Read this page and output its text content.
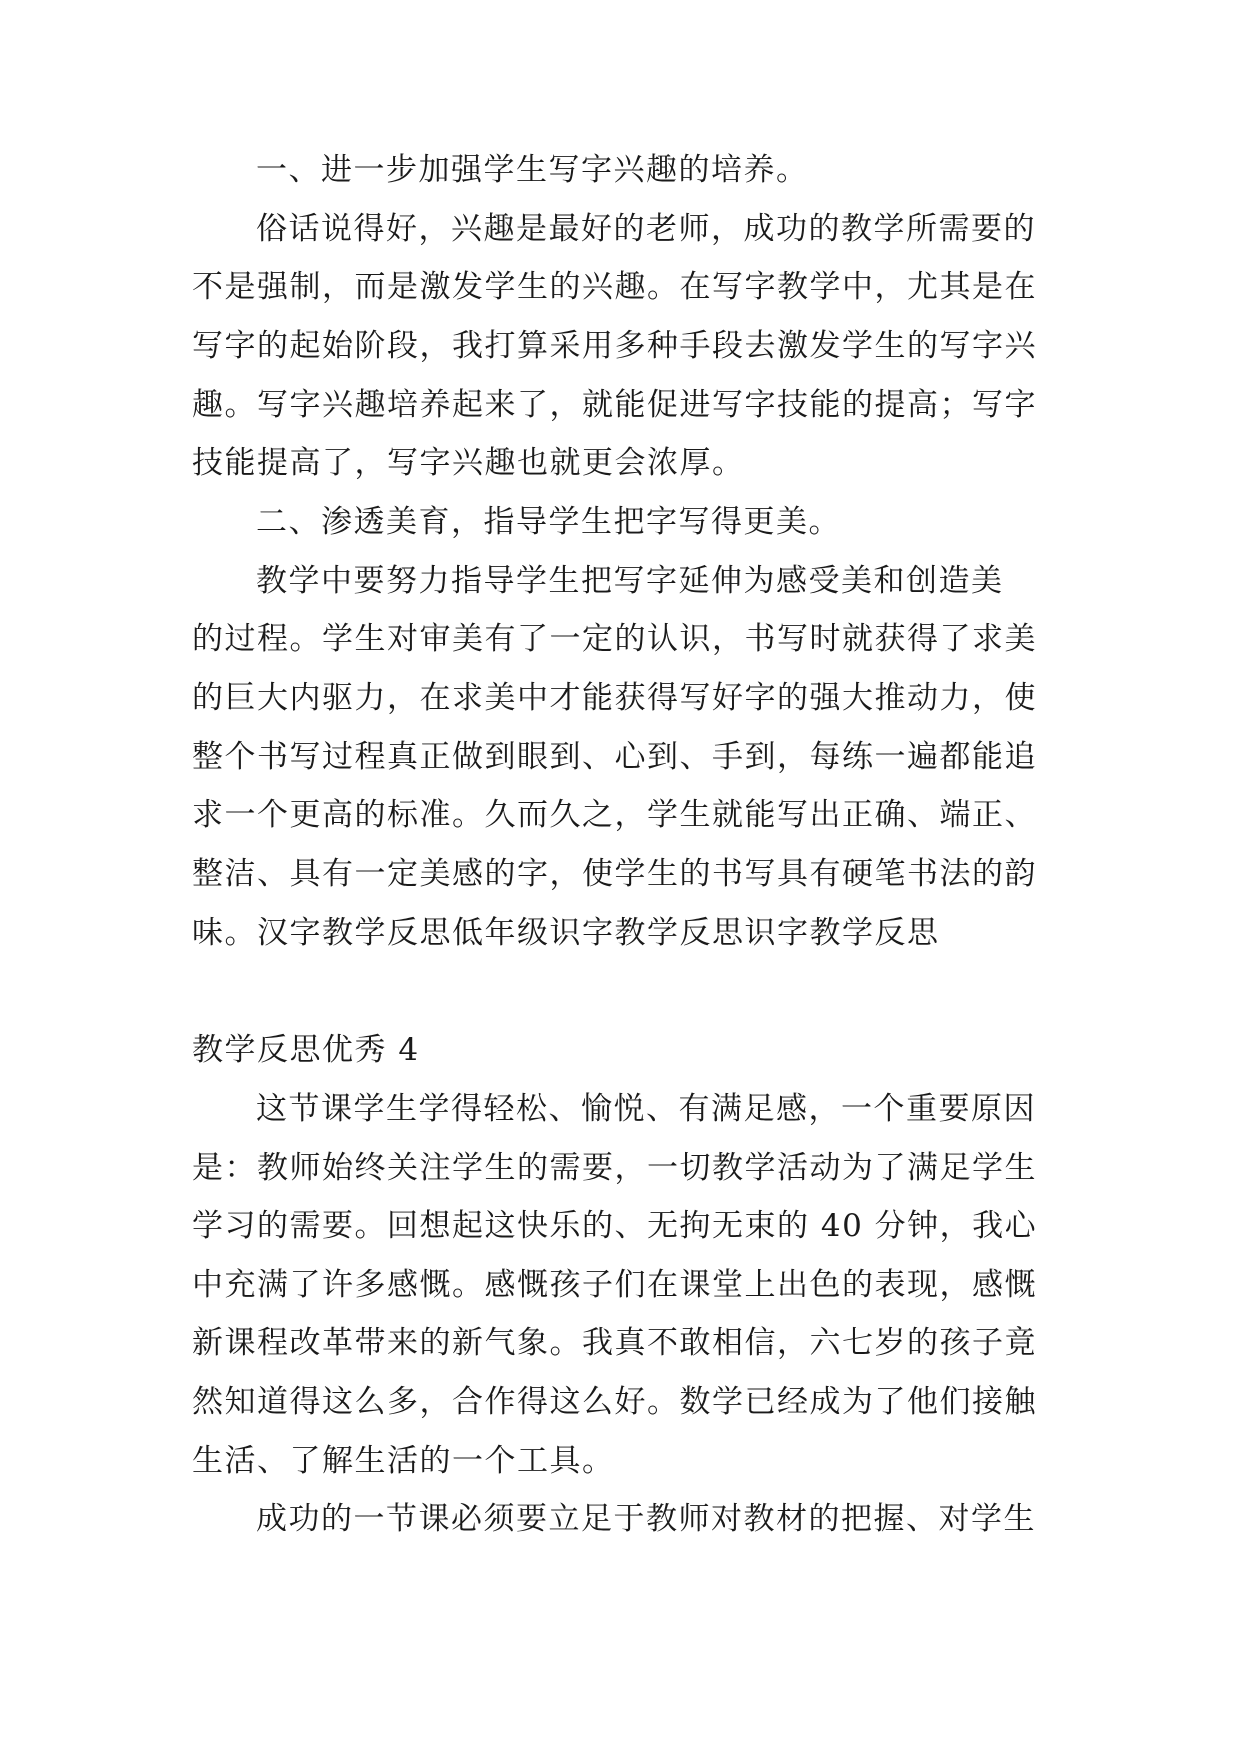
一、进一步加强学生写字兴趣的培养。
俗话说得好，兴趣是最好的老师，成功的教学所需要的
不是强制，而是激发学生的兴趣。在写字教学中，尤其是在
写字的起始阶段，我打算采用多种手段去激发学生的写字兴
趣。写字兴趣培养起来了，就能促进写字技能的提高；写字
技能提高了，写字兴趣也就更会浓厚。
二、渗透美育，指导学生把字写得更美。
教学中要努力指导学生把写字延伸为感受美和创造美
的过程。学生对审美有了一定的认识，书写时就获得了求美
的巨大内驱力，在求美中才能获得写好字的强大推动力，使
整个书写过程真正做到眼到、心到、手到，每练一遍都能追
求一个更高的标准。久而久之，学生就能写出正确、端正、
整洁、具有一定美感的字，使学生的书写具有硬笔书法的韵
味。汉字教学反思低年级识字教学反思识字教学反思
教学反思优秀 4
这节课学生学得轻松、愉悦、有满足感，一个重要原因
是：教师始终关注学生的需要，一切教学活动为了满足学生
学习的需要。回想起这快乐的、无拘无束的 40 分钟，我心
中充满了许多感慨。感慨孩子们在课堂上出色的表现，感慨
新课程改革带来的新气象。我真不敢相信，六七岁的孩子竟
然知道得这么多，合作得这么好。数学已经成为了他们接触
生活、了解生活的一个工具。
成功的一节课必须要立足于教师对教材的把握、对学生
